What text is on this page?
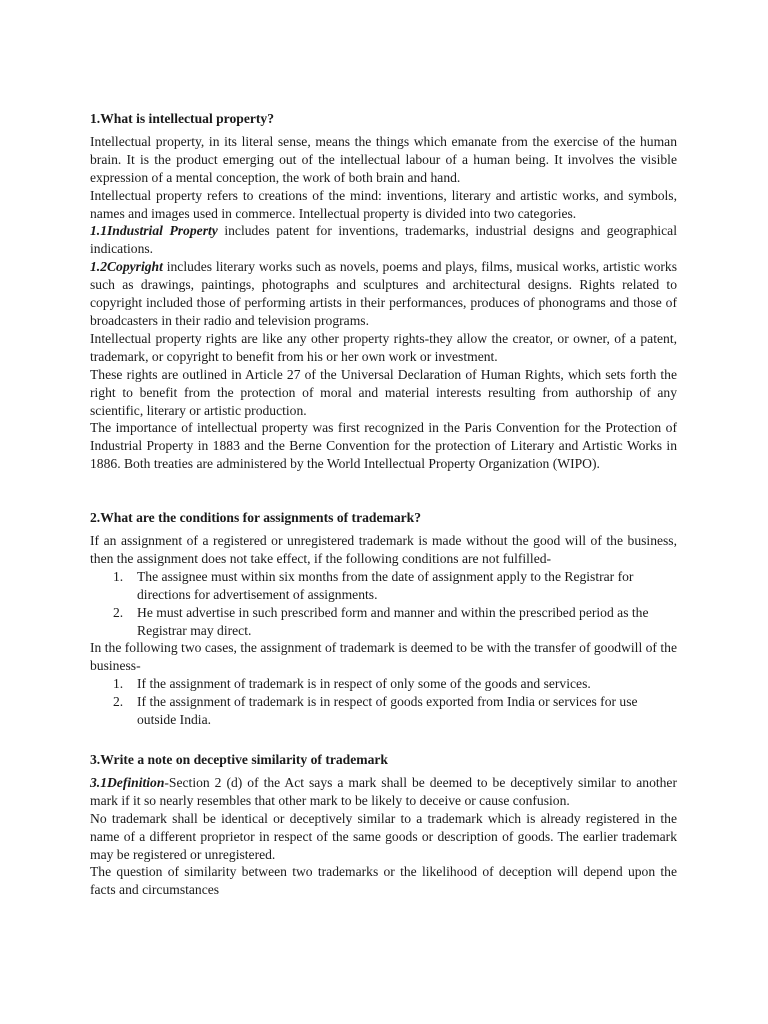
1.What is intellectual property?

Intellectual property, in its literal sense, means the things which emanate from the exercise of the human brain. It is the product emerging out of the intellectual labour of a human being. It involves the visible expression of a mental conception, the work of both brain and hand.

Intellectual property refers to creations of the mind: inventions, literary and artistic works, and symbols, names and images used in commerce. Intellectual property is divided into two categories.

1.1Industrial Property includes patent for inventions, trademarks, industrial designs and geographical indications.

1.2Copyright includes literary works such as novels, poems and plays, films, musical works, artistic works such as drawings, paintings, photographs and sculptures and architectural designs. Rights related to copyright included those of performing artists in their performances, produces of phonograms and those of broadcasters in their radio and television programs.

Intellectual property rights are like any other property rights-they allow the creator, or owner, of a patent, trademark, or copyright to benefit from his or her own work or investment.

These rights are outlined in Article 27 of the Universal Declaration of Human Rights, which sets forth the right to benefit from the protection of moral and material interests resulting from authorship of any scientific, literary or artistic production.

The importance of intellectual property was first recognized in the Paris Convention for the Protection of Industrial Property in 1883 and the Berne Convention for the protection of Literary and Artistic Works in 1886. Both treaties are administered by the World Intellectual Property Organization (WIPO).

2.What are the conditions for assignments of trademark?

If an assignment of a registered or unregistered trademark is made without the good will of the business, then the assignment does not take effect, if the following conditions are not fulfilled-

1. The assignee must within six months from the date of assignment apply to the Registrar for directions for advertisement of assignments.
2. He must advertise in such prescribed form and manner and within the prescribed period as the Registrar may direct.

In the following two cases, the assignment of trademark is deemed to be with the transfer of goodwill of the business-

1. If the assignment of trademark is in respect of only some of the goods and services.
2. If the assignment of trademark is in respect of goods exported from India or services for use outside India.
3.Write a note on deceptive similarity of trademark

3.1Definition-Section 2 (d) of the Act says a mark shall be deemed to be deceptively similar to another mark if it so nearly resembles that other mark to be likely to deceive or cause confusion.

No trademark shall be identical or deceptively similar to a trademark which is already registered in the name of a different proprietor in respect of the same goods or description of goods. The earlier trademark may be registered or unregistered.

The question of similarity between two trademarks or the likelihood of deception will depend upon the facts and circumstances
